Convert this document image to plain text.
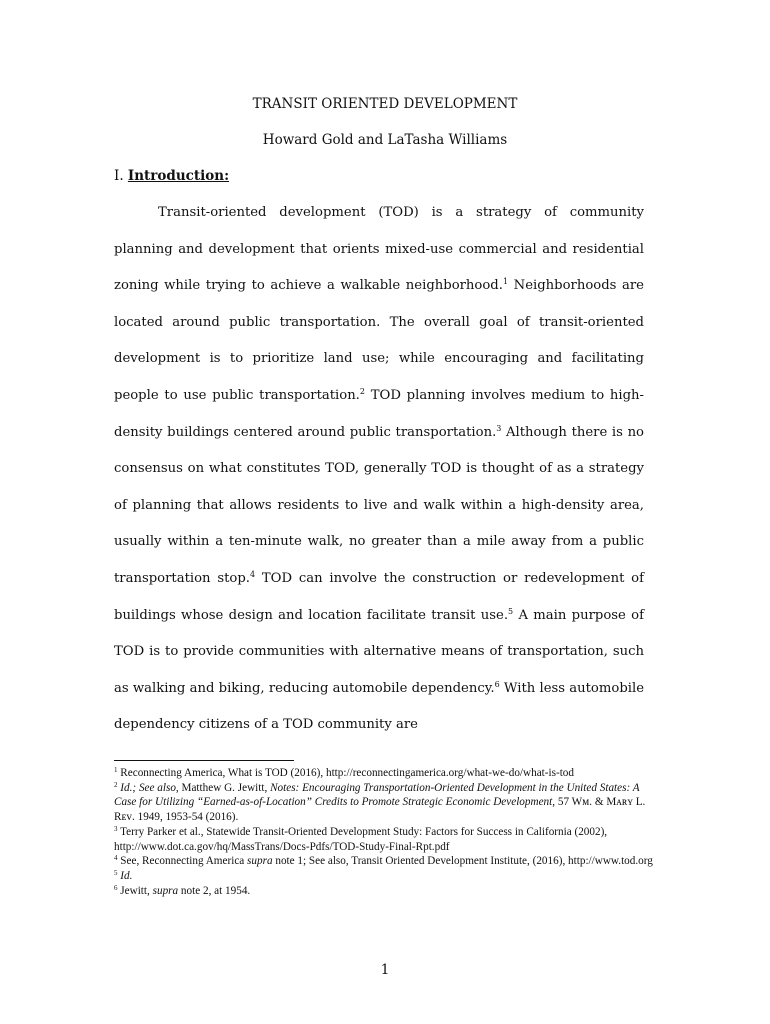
TRANSIT ORIENTED DEVELOPMENT
Howard Gold and LaTasha Williams
I. Introduction:
Transit-oriented development (TOD) is a strategy of community planning and development that orients mixed-use commercial and residential zoning while trying to achieve a walkable neighborhood.$^1$ Neighborhoods are located around public transportation. The overall goal of transit-oriented development is to prioritize land use; while encouraging and facilitating people to use public transportation.$^2$ TOD planning involves medium to high-density buildings centered around public transportation.$^3$ Although there is no consensus on what constitutes TOD, generally TOD is thought of as a strategy of planning that allows residents to live and walk within a high-density area, usually within a ten-minute walk, no greater than a mile away from a public transportation stop.$^4$ TOD can involve the construction or redevelopment of buildings whose design and location facilitate transit use.$^5$ A main purpose of TOD is to provide communities with alternative means of transportation, such as walking and biking, reducing automobile dependency.$^6$ With less automobile dependency citizens of a TOD community are

$^1$ Reconnecting America, What is TOD (2016), http://reconnectingamerica.org/what-we-do/what-is-tod

$^2$ Id.; See also, Matthew G. Jewitt, Notes: Encouraging Transportation-Oriented Development in the United States: A Case for Utilizing “Earned-as-of-Location” Credits to Promote Strategic Economic Development, 57 Wᴍ. & Mᴀʀʏ L. Rᴇᴠ. 1949, 1953-54 (2016).

$^3$ Terry Parker et al., Statewide Transit-Oriented Development Study: Factors for Success in California (2002),
http://www.dot.ca.gov/hq/MassTrans/Docs-Pdfs/TOD-Study-Final-Rpt.pdf

$^4$ See, Reconnecting America supra note 1; See also, Transit Oriented Development Institute, (2016), http://www.tod.org

$^5$ Id.

$^6$ Jewitt, supra note 2, at 1954.

1
